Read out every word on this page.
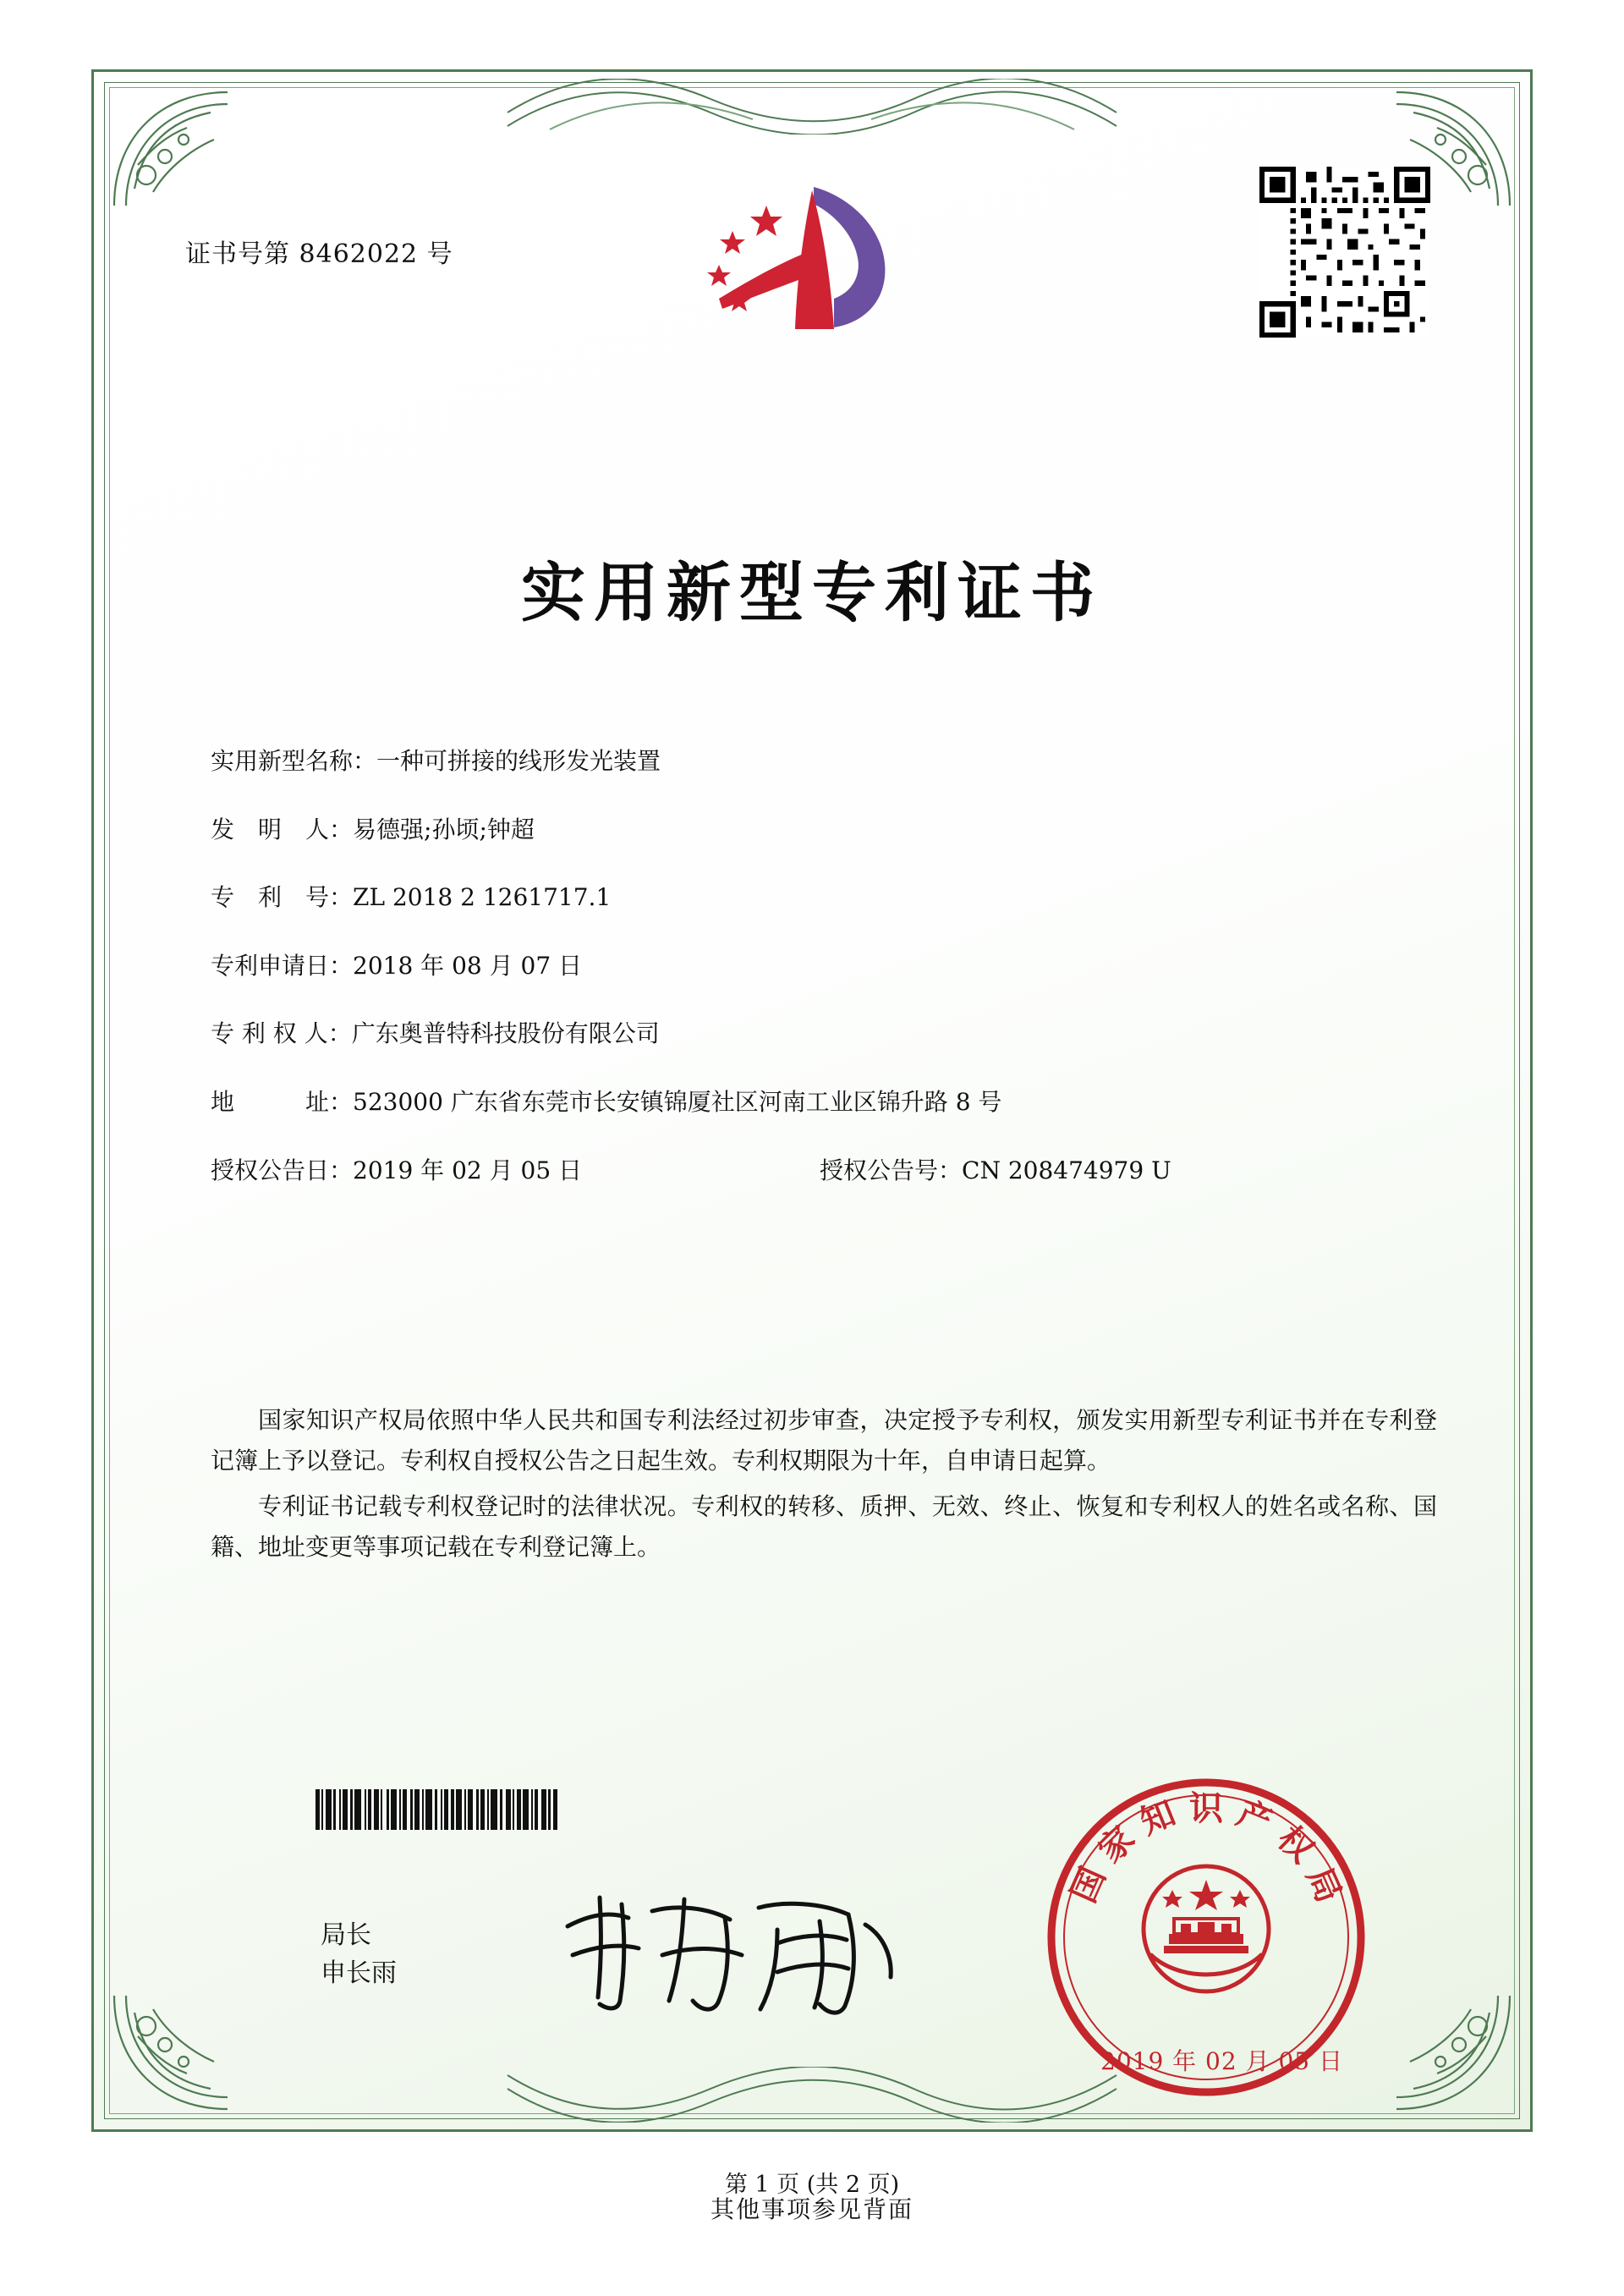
证书号第 8462022 号
实用新型专利证书
实用新型名称： 一种可拼接的线形发光装置
发　明　人： 易德强;孙顷;钟超
专　利　号： ZL 2018 2 1261717.1
专利申请日： 2018 年 08 月 07 日
专 利 权 人： 广东奥普特科技股份有限公司
地　　　址： 523000 广东省东莞市长安镇锦厦社区河南工业区锦升路 8 号
授权公告日： 2019 年 02 月 05 日	授权公告号： CN 208474979 U

国家知识产权局依照中华人民共和国专利法经过初步审查，决定授予专利权，颁发实用新型专利证书并在专利登记簿上予以登记。专利权自授权公告之日起生效。专利权期限为十年，自申请日起算。

专利证书记载专利权登记时的法律状况。专利权的转移、质押、无效、终止、恢复和专利权人的姓名或名称、国籍、地址变更等事项记载在专利登记簿上。

局长
申长雨
国
家
知 识 产
权
局
2019 年 02 月 05 日
第 1 页 (共 2 页)
其他事项参见背面
